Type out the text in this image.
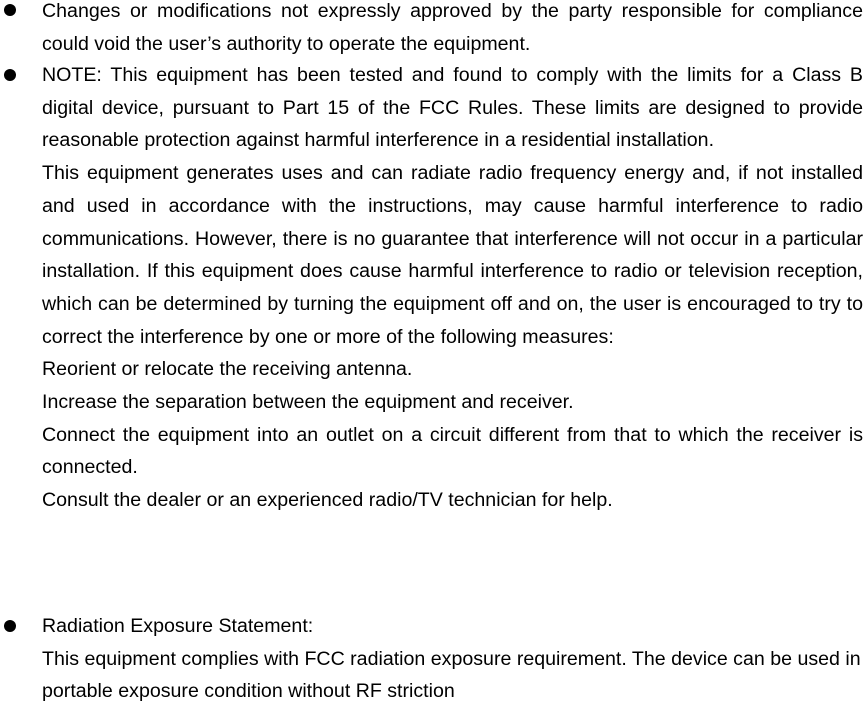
Changes or modifications not expressly approved by the party responsible for compliance could void the user’s authority to operate the equipment.

NOTE: This equipment has been tested and found to comply with the limits for a Class B digital device, pursuant to Part 15 of the FCC Rules. These limits are designed to provide reasonable protection against harmful interference in a residential installation.

This equipment generates uses and can radiate radio frequency energy and, if not installed and used in accordance with the instructions, may cause harmful interference to radio communications. However, there is no guarantee that interference will not occur in a particular installation. If this equipment does cause harmful interference to radio or television reception, which can be determined by turning the equipment off and on, the user is encouraged to try to correct the interference by one or more of the following measures:

Reorient or relocate the receiving antenna.

Increase the separation between the equipment and receiver.

Connect the equipment into an outlet on a circuit different from that to which the receiver is connected.

Consult the dealer or an experienced radio/TV technician for help.

Radiation Exposure Statement:

This equipment complies with FCC radiation exposure requirement. The device can be used in portable exposure condition without RF striction
